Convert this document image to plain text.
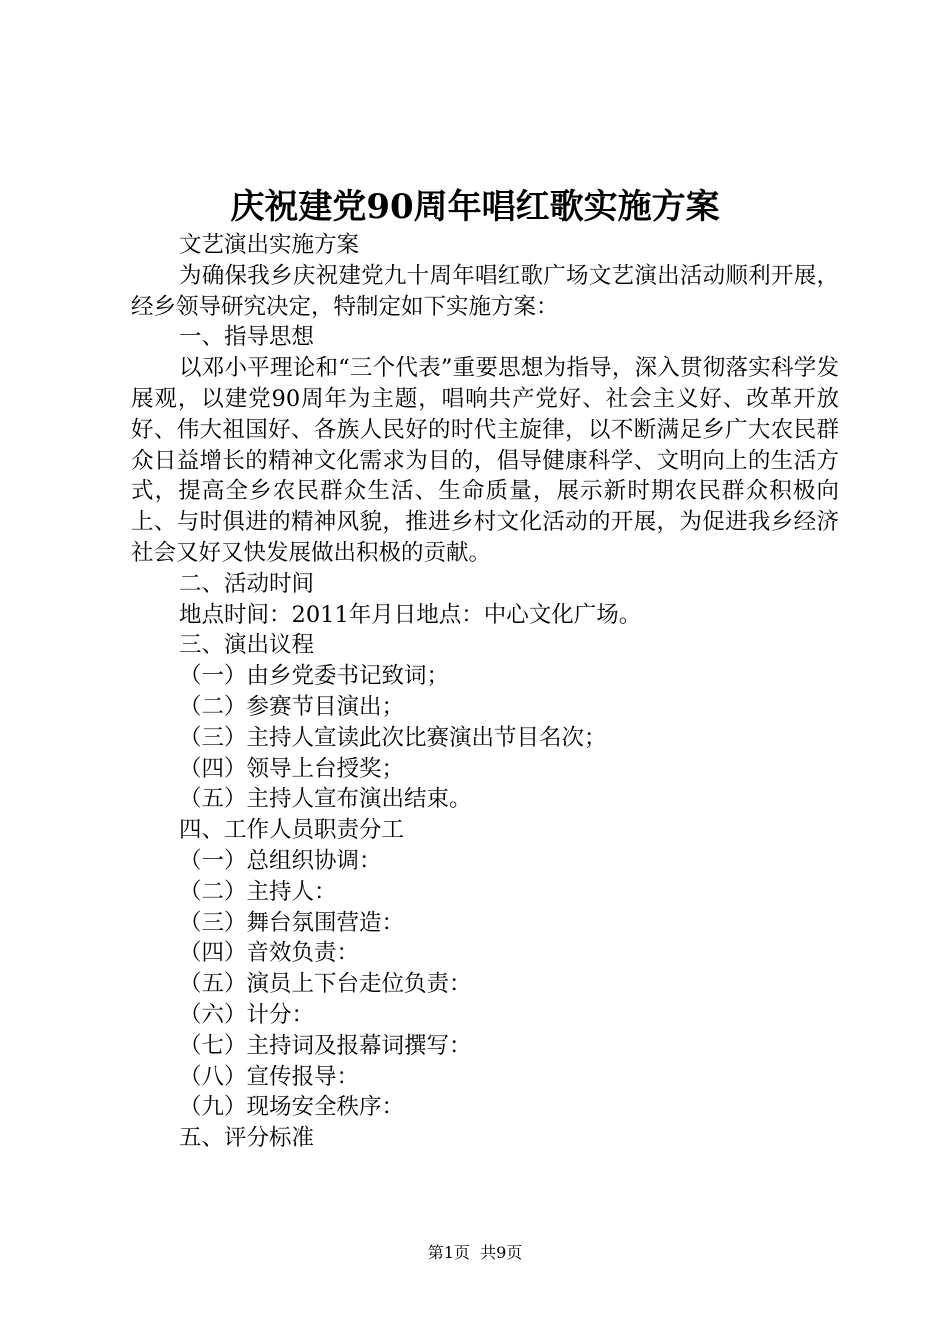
庆祝建党90周年唱红歌实施方案

文艺演出实施方案

为确保我乡庆祝建党九十周年唱红歌广场文艺演出活动顺利开展，经乡领导研究决定，特制定如下实施方案：

一、指导思想

以邓小平理论和“三个代表”重要思想为指导，深入贯彻落实科学发展观，以建党90周年为主题，唱响共产党好、社会主义好、改革开放好、伟大祖国好、各族人民好的时代主旋律，以不断满足乡广大农民群众日益增长的精神文化需求为目的，倡导健康科学、文明向上的生活方式，提高全乡农民群众生活、生命质量，展示新时期农民群众积极向上、与时俱进的精神风貌，推进乡村文化活动的开展，为促进我乡经济社会又好又快发展做出积极的贡献。

二、活动时间

地点时间：2011年月日地点：中心文化广场。

三、演出议程

（一）由乡党委书记致词；

（二）参赛节目演出；

（三）主持人宣读此次比赛演出节目名次；

（四）领导上台授奖；

（五）主持人宣布演出结束。

四、工作人员职责分工

（一）总组织协调：

（二）主持人：

（三）舞台氛围营造：

（四）音效负责：

（五）演员上下台走位负责：

（六）计分：

（七）主持词及报幕词撰写：

（八）宣传报导：

（九）现场安全秩序：

五、评分标准

第1页  共9页
